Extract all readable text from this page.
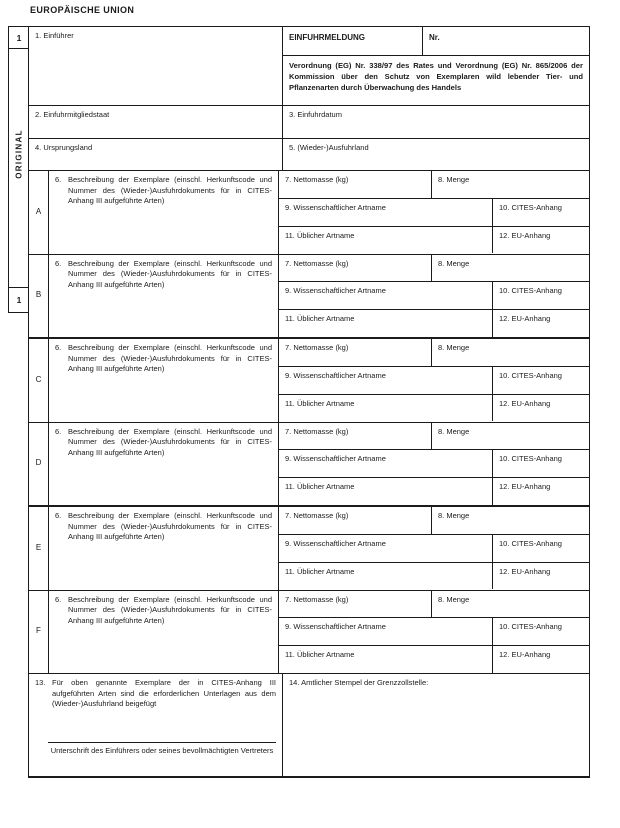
EUROPÄISCHE UNION
1
ORIGINAL
1
1. Einführer	EINFUHRMELDUNG	Nr.
Verordnung (EG) Nr. 338/97 des Rates und Verordnung (EG) Nr. 865/2006 der Kommission über den Schutz von Exemplaren wild lebender Tier- und Pflanzenarten durch Überwachung des Handels
2. Einfuhrmitgliedstaat	3. Einfuhrdatum
4. Ursprungsland	5. (Wieder-)Ausfuhrland
A
6. Beschreibung der Exemplare (einschl. Herkunftscode und Nummer des (Wieder-)Ausfuhrdokuments für in CITES-Anhang III aufgeführte Arten)
7. Nettomasse (kg)	8. Menge
9. Wissenschaftlicher Artname	10. CITES-Anhang
11. Üblicher Artname	12. EU-Anhang
B
6. Beschreibung der Exemplare (einschl. Herkunftscode und Nummer des (Wieder-)Ausfuhrdokuments für in CITES-Anhang III aufgeführte Arten)
7. Nettomasse (kg)	8. Menge
9. Wissenschaftlicher Artname	10. CITES-Anhang
11. Üblicher Artname	12. EU-Anhang
C
6. Beschreibung der Exemplare (einschl. Herkunftscode und Nummer des (Wieder-)Ausfuhrdokuments für in CITES-Anhang III aufgeführte Arten)
7. Nettomasse (kg)	8. Menge
9. Wissenschaftlicher Artname	10. CITES-Anhang
11. Üblicher Artname	12. EU-Anhang
D
6. Beschreibung der Exemplare (einschl. Herkunftscode und Nummer des (Wieder-)Ausfuhrdokuments für in CITES-Anhang III aufgeführte Arten)
7. Nettomasse (kg)	8. Menge
9. Wissenschaftlicher Artname	10. CITES-Anhang
11. Üblicher Artname	12. EU-Anhang
E
6. Beschreibung der Exemplare (einschl. Herkunftscode und Nummer des (Wieder-)Ausfuhrdokuments für in CITES-Anhang III aufgeführte Arten)
7. Nettomasse (kg)	8. Menge
9. Wissenschaftlicher Artname	10. CITES-Anhang
11. Üblicher Artname	12. EU-Anhang
F
6. Beschreibung der Exemplare (einschl. Herkunftscode und Nummer des (Wieder-)Ausfuhrdokuments für in CITES-Anhang III aufgeführte Arten)
7. Nettomasse (kg)	8. Menge
9. Wissenschaftlicher Artname	10. CITES-Anhang
11. Üblicher Artname	12. EU-Anhang
13. Für oben genannte Exemplare der in CITES-Anhang III aufgeführten Arten sind die erforderlichen Unterlagen aus dem (Wieder-)Ausfuhrland beigefügt
Unterschrift des Einführers oder seines bevollmächtigten Vertreters
14. Amtlicher Stempel der Grenzzollstelle:
